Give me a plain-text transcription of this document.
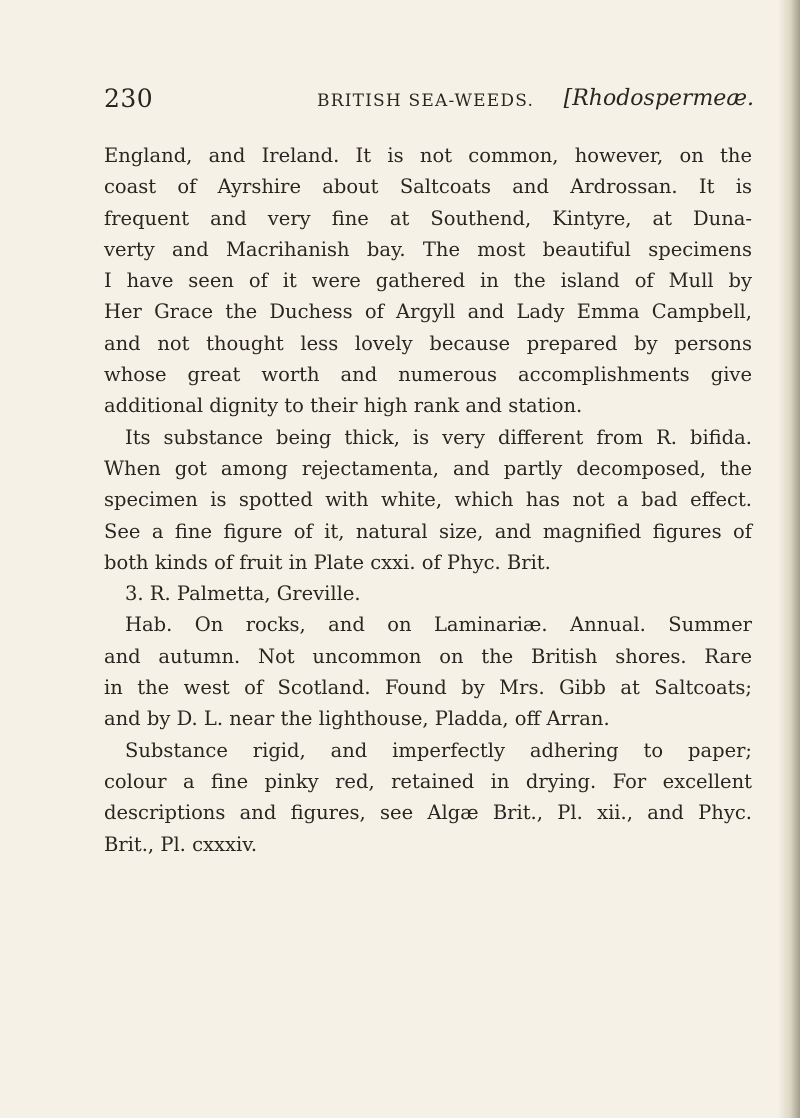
230	BRITISH SEA-WEEDS. [Rhodospermeæ.
England, and Ireland. It is not common, however, on the
coast of Ayrshire about Saltcoats and Ardrossan. It is
frequent and very fine at Southend, Kintyre, at Duna-
verty and Macrihanish bay. The most beautiful specimens
I have seen of it were gathered in the island of Mull by
Her Grace the Duchess of Argyll and Lady Emma Campbell,
and not thought less lovely because prepared by persons
whose great worth and numerous accomplishments give
additional dignity to their high rank and station.
Its substance being thick, is very different from R. bifida.
When got among rejectamenta, and partly decomposed, the
specimen is spotted with white, which has not a bad effect.
See a fine figure of it, natural size, and magnified figures of
both kinds of fruit in Plate cxxi. of Phyc. Brit.
3. R. Palmetta, Greville.
Hab. On rocks, and on Laminariæ. Annual. Summer
and autumn. Not uncommon on the British shores. Rare
in the west of Scotland. Found by Mrs. Gibb at Saltcoats;
and by D. L. near the lighthouse, Pladda, off Arran.
Substance rigid, and imperfectly adhering to paper;
colour a fine pinky red, retained in drying. For excellent
descriptions and figures, see Algæ Brit., Pl. xii., and Phyc.
Brit., Pl. cxxxiv.
